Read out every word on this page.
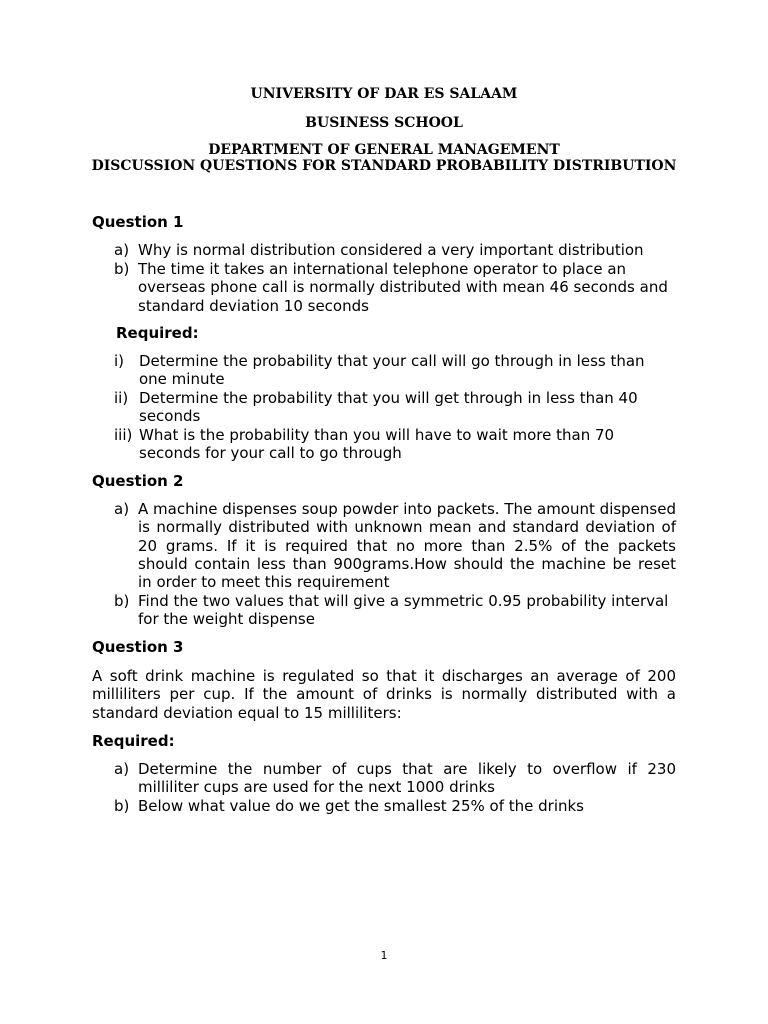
UNIVERSITY OF DAR ES SALAAM
BUSINESS SCHOOL
DEPARTMENT OF GENERAL MANAGEMENT
DISCUSSION QUESTIONS FOR STANDARD PROBABILITY DISTRIBUTION
Question 1
a) Why is normal distribution considered a very important distribution
b) The time it takes an international telephone operator to place an overseas phone call is normally distributed with mean 46 seconds and standard deviation 10 seconds
Required:
i) Determine the probability that your call will go through in less than one minute
ii) Determine the probability that you will get through in less than 40 seconds
iii) What is the probability than you will have to wait more than 70 seconds for your call to go through
Question 2
a) A machine dispenses soup powder into packets. The amount dispensed is normally distributed with unknown mean and standard deviation of 20 grams. If it is required that no more than 2.5% of the packets should contain less than 900grams.How should the machine be reset in order to meet this requirement
b) Find the two values that will give a symmetric 0.95 probability interval for the weight dispense
Question 3
A soft drink machine is regulated so that it discharges an average of 200 milliliters per cup. If the amount of drinks is normally distributed with a standard deviation equal to 15 milliliters:
Required:
a) Determine the number of cups that are likely to overflow if 230 milliliter cups are used for the next 1000 drinks
b) Below what value do we get the smallest 25% of the drinks
1
